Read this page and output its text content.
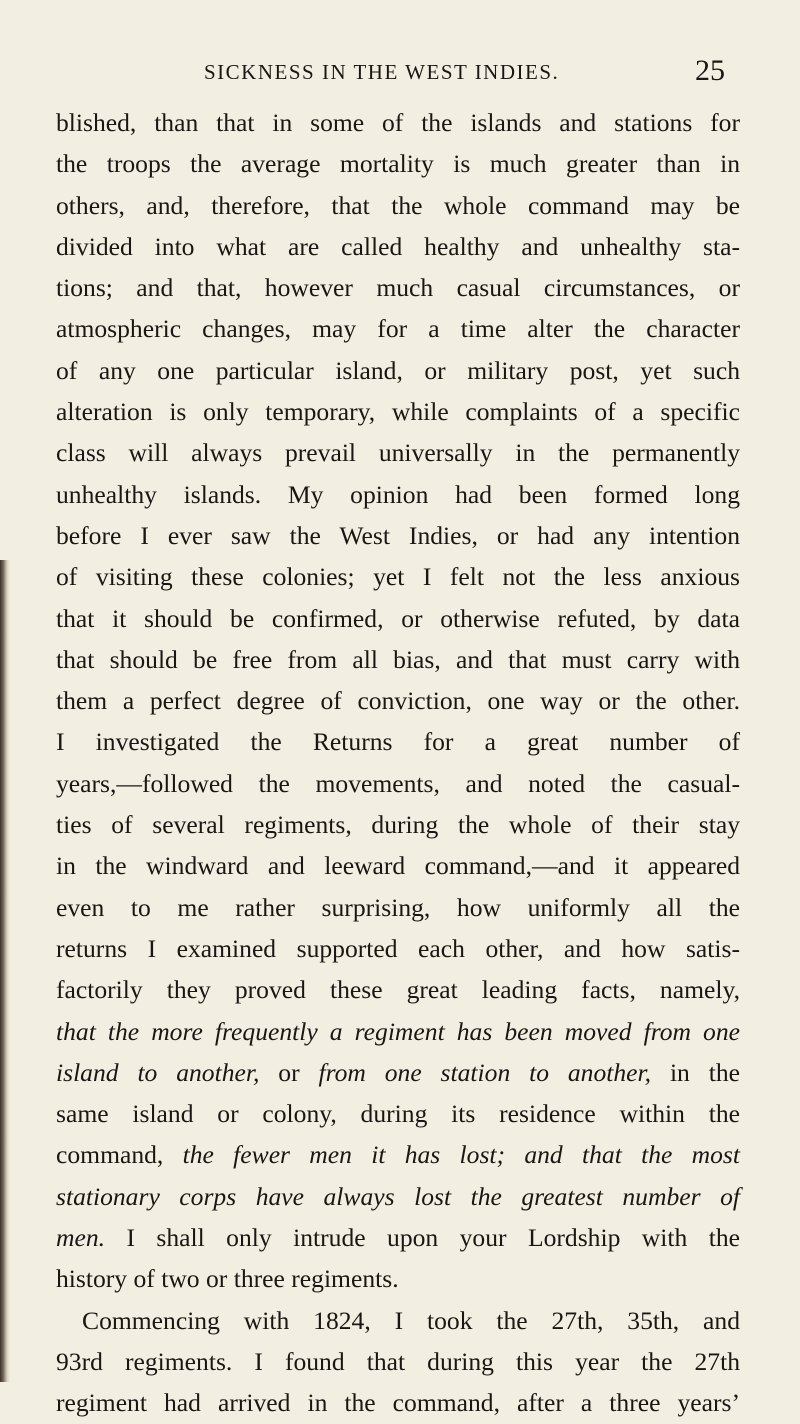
SICKNESS IN THE WEST INDIES.	25
blished, than that in some of the islands and stations for
the troops the average mortality is much greater than in
others, and, therefore, that the whole command may be
divided into what are called healthy and unhealthy sta-
tions; and that, however much casual circumstances, or
atmospheric changes, may for a time alter the character
of any one particular island, or military post, yet such
alteration is only temporary, while complaints of a specific
class will always prevail universally in the permanently
unhealthy islands. My opinion had been formed long
before I ever saw the West Indies, or had any intention
of visiting these colonies; yet I felt not the less anxious
that it should be confirmed, or otherwise refuted, by data
that should be free from all bias, and that must carry with
them a perfect degree of conviction, one way or the other.
I investigated the Returns for a great number of
years,—followed the movements, and noted the casual-
ties of several regiments, during the whole of their stay
in the windward and leeward command,—and it appeared
even to me rather surprising, how uniformly all the
returns I examined supported each other, and how satis-
factorily they proved these great leading facts, namely,
that the more frequently a regiment has been moved from one
island to another, or from one station to another, in the
same island or colony, during its residence within the
command, the fewer men it has lost; and that the most
stationary corps have always lost the greatest number of
men. I shall only intrude upon your Lordship with the
history of two or three regiments.
Commencing with 1824, I took the 27th, 35th, and
93rd regiments. I found that during this year the 27th
regiment had arrived in the command, after a three years’
